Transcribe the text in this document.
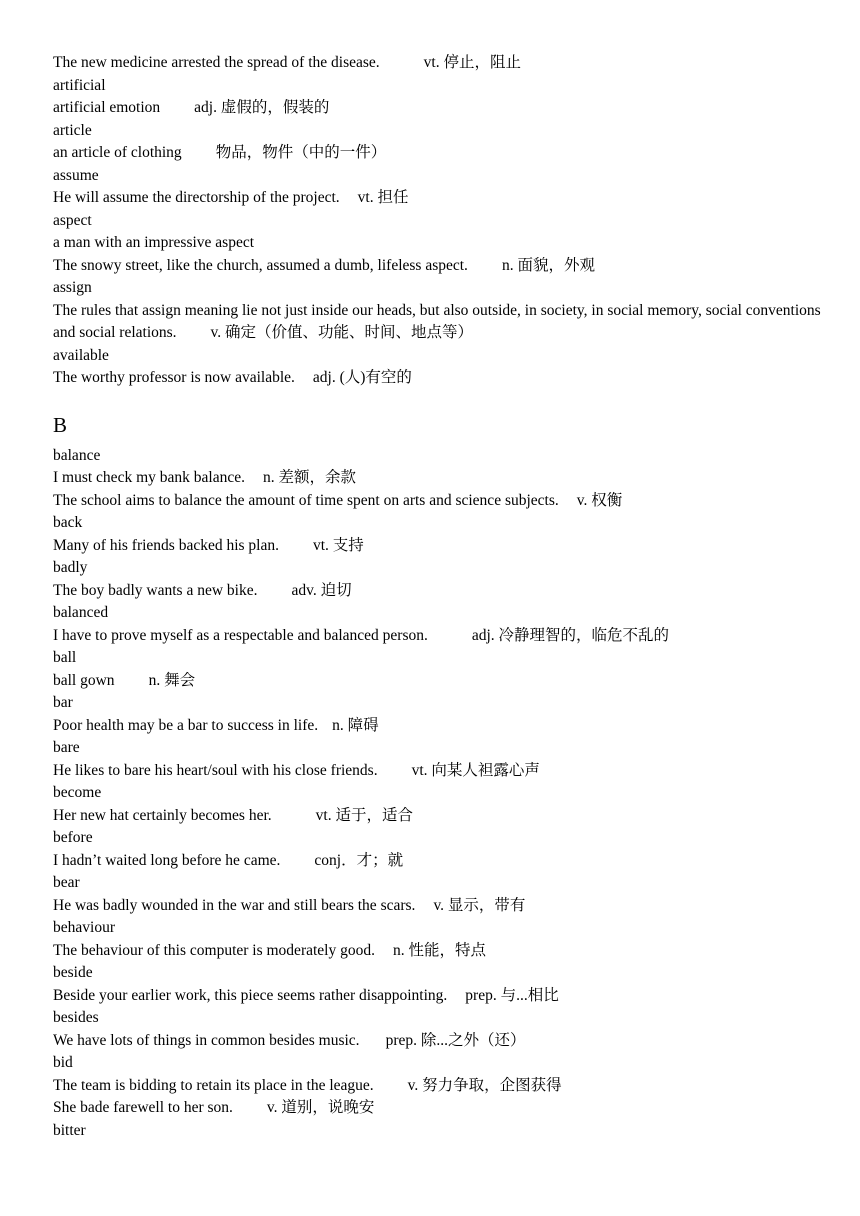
The new medicine arrested the spread of the disease.	vt. 停止，阻止
artificial
artificial emotion adj. 虚假的，假装的
article
an article of clothing 物品，物件（中的一件）
assume
He will assume the directorship of the project. vt. 担任
aspect
a man with an impressive aspect
The snowy street, like the church, assumed a dumb, lifeless aspect. n. 面貌，外观
assign
The rules that assign meaning lie not just inside our heads, but also outside, in society, in social memory, social conventions and social relations. v. 确定（价值、功能、时间、地点等）
available
The worthy professor is now available. adj. (人)有空的
B
balance
I must check my bank balance. n. 差额，余款
The school aims to balance the amount of time spent on arts and science subjects. v. 权衡
back
Many of his friends backed his plan. vt. 支持
badly
The boy badly wants a new bike. adv. 迫切
balanced
I have to prove myself as a respectable and balanced person.	adj. 冷静理智的，临危不乱的
ball
ball gown n. 舞会
bar
Poor health may be a bar to success in life. n. 障碍
bare
He likes to bare his heart/soul with his close friends. vt. 向某人袒露心声
become
Her new hat certainly becomes her.	vt. 适于，适合
before
I hadn’t waited long before he came. conj．才；就
bear
He was badly wounded in the war and still bears the scars. v. 显示，带有
behaviour
The behaviour of this computer is moderately good. n. 性能，特点
beside
Beside your earlier work, this piece seems rather disappointing. prep. 与...相比
besides
We have lots of things in common besides music. prep. 除...之外（还）
bid
The team is bidding to retain its place in the league. v. 努力争取，企图获得
She bade farewell to her son. v. 道别，说晚安
bitter
